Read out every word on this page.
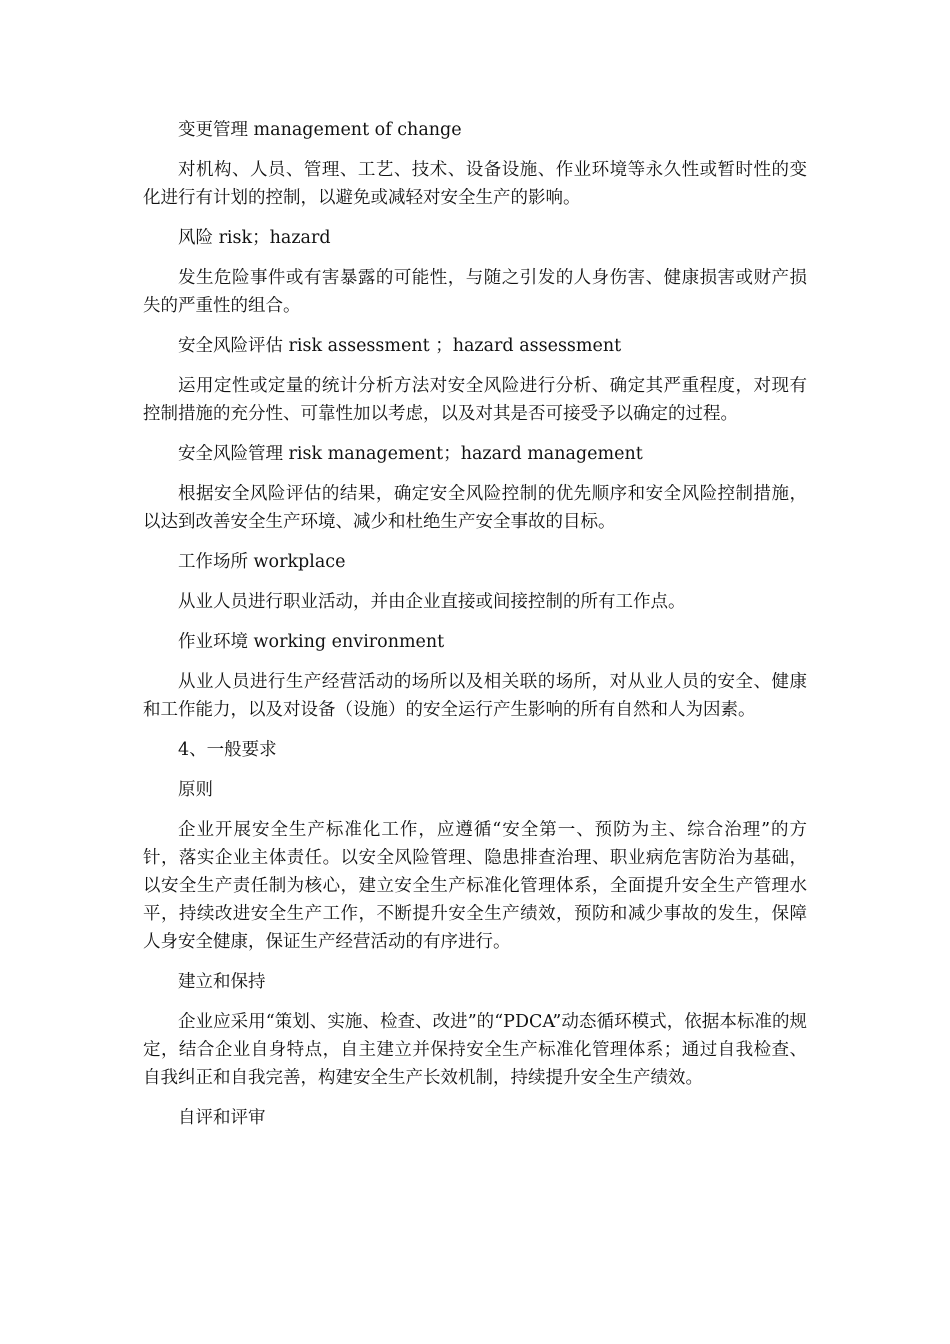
变更管理 management of change

对机构、人员、管理、工艺、技术、设备设施、作业环境等永久性或暂时性的变化进行有计划的控制，以避免或减轻对安全生产的影响。

风险 risk；hazard

发生危险事件或有害暴露的可能性，与随之引发的人身伤害、健康损害或财产损失的严重性的组合。

安全风险评估 risk assessment ；hazard assessment

运用定性或定量的统计分析方法对安全风险进行分析、确定其严重程度，对现有控制措施的充分性、可靠性加以考虑，以及对其是否可接受予以确定的过程。

安全风险管理 risk management；hazard management

根据安全风险评估的结果，确定安全风险控制的优先顺序和安全风险控制措施，以达到改善安全生产环境、减少和杜绝生产安全事故的目标。

工作场所 workplace

从业人员进行职业活动，并由企业直接或间接控制的所有工作点。

作业环境 working environment

从业人员进行生产经营活动的场所以及相关联的场所，对从业人员的安全、健康和工作能力，以及对设备（设施）的安全运行产生影响的所有自然和人为因素。

4、一般要求

原则

企业开展安全生产标准化工作，应遵循“安全第一、预防为主、综合治理”的方针，落实企业主体责任。以安全风险管理、隐患排查治理、职业病危害防治为基础，以安全生产责任制为核心，建立安全生产标准化管理体系，全面提升安全生产管理水平，持续改进安全生产工作，不断提升安全生产绩效，预防和减少事故的发生，保障人身安全健康，保证生产经营活动的有序进行。

建立和保持

企业应采用“策划、实施、检查、改进”的“PDCA”动态循环模式，依据本标准的规定，结合企业自身特点，自主建立并保持安全生产标准化管理体系；通过自我检查、自我纠正和自我完善，构建安全生产长效机制，持续提升安全生产绩效。

自评和评审
